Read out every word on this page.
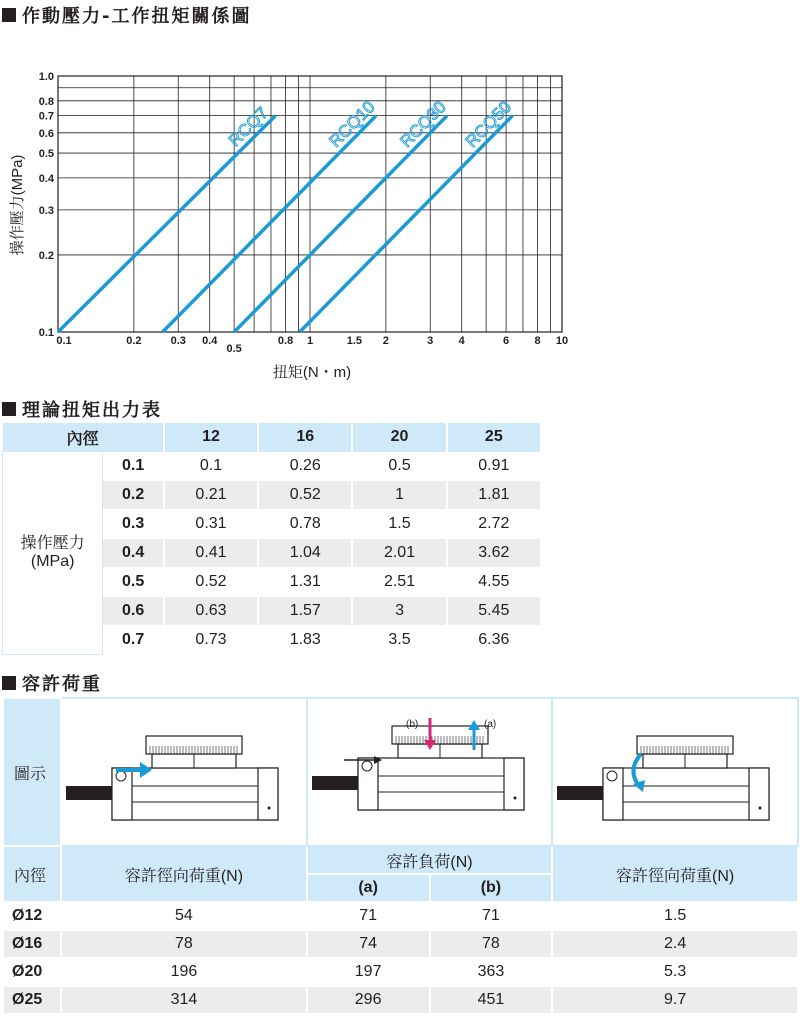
作動壓力-工作扭矩關係圖
0.1
0.2
0.3
0.4
0.5
0.6
0.7
0.8
1.0
0.1	0.2	0.3 0.4
0.5
0.8 1	1.5 2	3 4	6 8 10
RCQ7	RCQ10 RCQ30 RCQ50
扭矩(N・m)
操作壓力(MPa)
理論扭矩出力表
內徑		12	16	20	25

操作壓力
(MPa)	0.1	0.1	0.26	0.5	0.91
	0.2	0.21	0.52	1	1.81
	0.3	0.31	0.78	1.5	2.72
	0.4	0.41	1.04	2.01	3.62
	0.5	0.52	1.31	2.51	4.55
	0.6	0.63	1.57	3	5.45
	0.7	0.73	1.83	3.5	6.36
容許荷重
圖示		(b) (a)

內徑	容許徑向荷重(N)	容許負荷(N)		容許徑向荷重(N)
		(a)	(b)	
Ø12	54	71	71	1.5
Ø16	78	74	78	2.4
Ø20	196	197	363	5.3
Ø25	314	296	451	9.7
